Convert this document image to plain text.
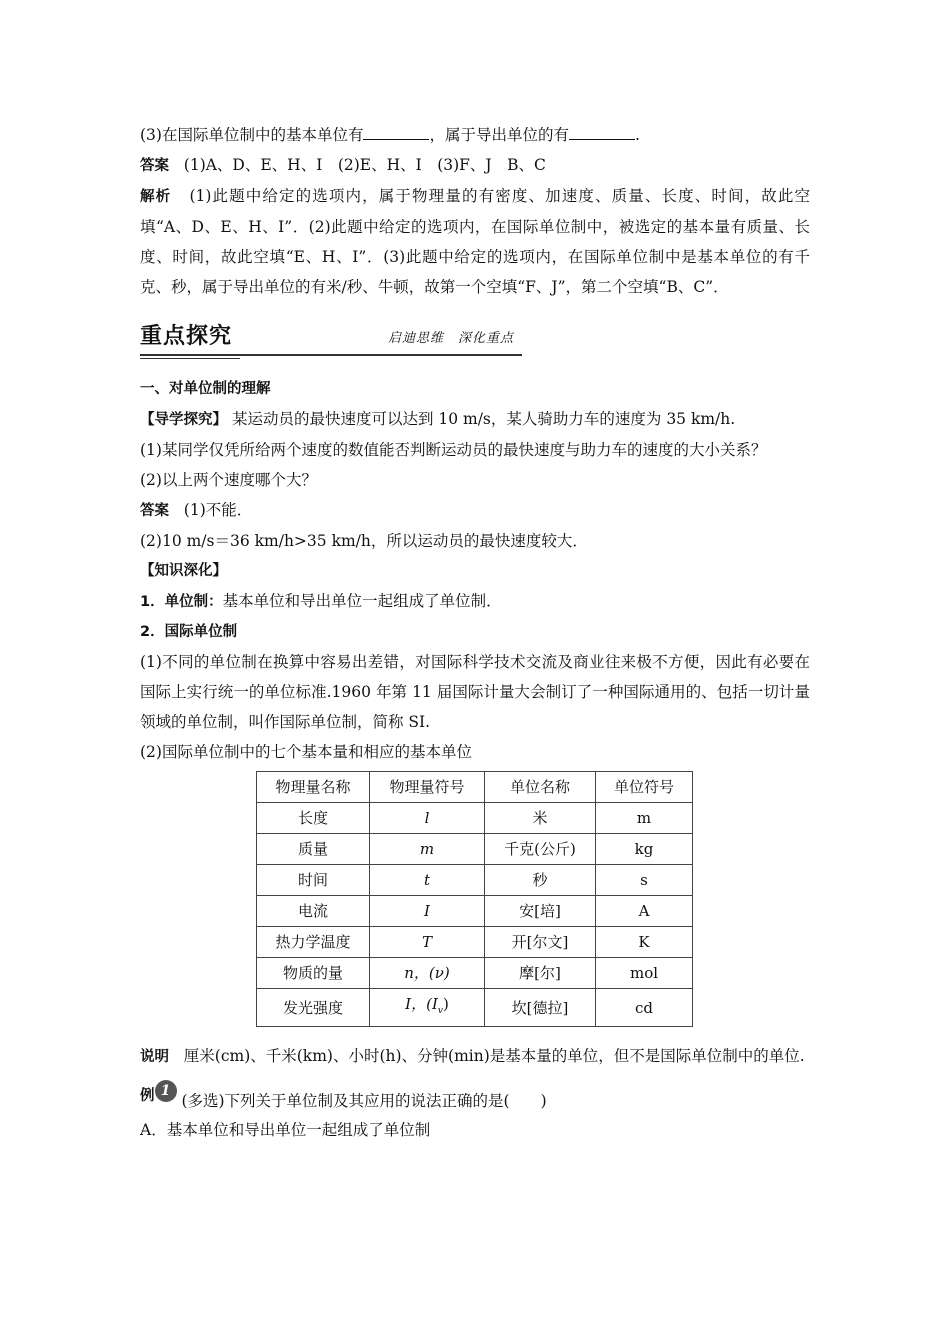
(3)在国际单位制中的基本单位有	，属于导出单位的有	.

答案 (1)A、D、E、H、I　(2)E、H、I　(3)F、J　B、C

解析 (1)此题中给定的选项内，属于物理量的有密度、加速度、质量、长度、时间，故此空填“A、D、E、H、I”．(2)此题中给定的选项内，在国际单位制中，被选定的基本量有质量、长度、时间，故此空填“E、H、I”．(3)此题中给定的选项内，在国际单位制中是基本单位的有千克、秒，属于导出单位的有米/秒、牛顿，故第一个空填“F、J”，第二个空填“B、C”．

重点探究	启迪思维　深化重点

一、对单位制的理解

【导学探究】 某运动员的最快速度可以达到 10 m/s，某人骑助力车的速度为 35 km/h.

(1)某同学仅凭所给两个速度的数值能否判断运动员的最快速度与助力车的速度的大小关系？

(2)以上两个速度哪个大？

答案 (1)不能．

(2)10 m/s＝36 km/h>35 km/h，所以运动员的最快速度较大．

【知识深化】

1．单位制：基本单位和导出单位一起组成了单位制．

2．国际单位制

(1)不同的单位制在换算中容易出差错，对国际科学技术交流及商业往来极不方便，因此有必要在国际上实行统一的单位标准.1960 年第 11 届国际计量大会制订了一种国际通用的、包括一切计量领域的单位制，叫作国际单位制，简称 SI.

(2)国际单位制中的七个基本量和相应的基本单位

物理量名称	物理量符号	单位名称	单位符号
长度	l	米	m
质量	m	千克(公斤)	kg
时间	t	秒	s
电流	I	安[培]	A
热力学温度	T	开[尔文]	K
物质的量	n，(ν)	摩[尔]	mol
发光强度	I，$(I_v)$	坎[德拉]	cd

说明 厘米(cm)、千米(km)、小时(h)、分钟(min)是基本量的单位，但不是国际单位制中的单位.

例 1 (多选)下列关于单位制及其应用的说法正确的是(　　)

A．基本单位和导出单位一起组成了单位制
